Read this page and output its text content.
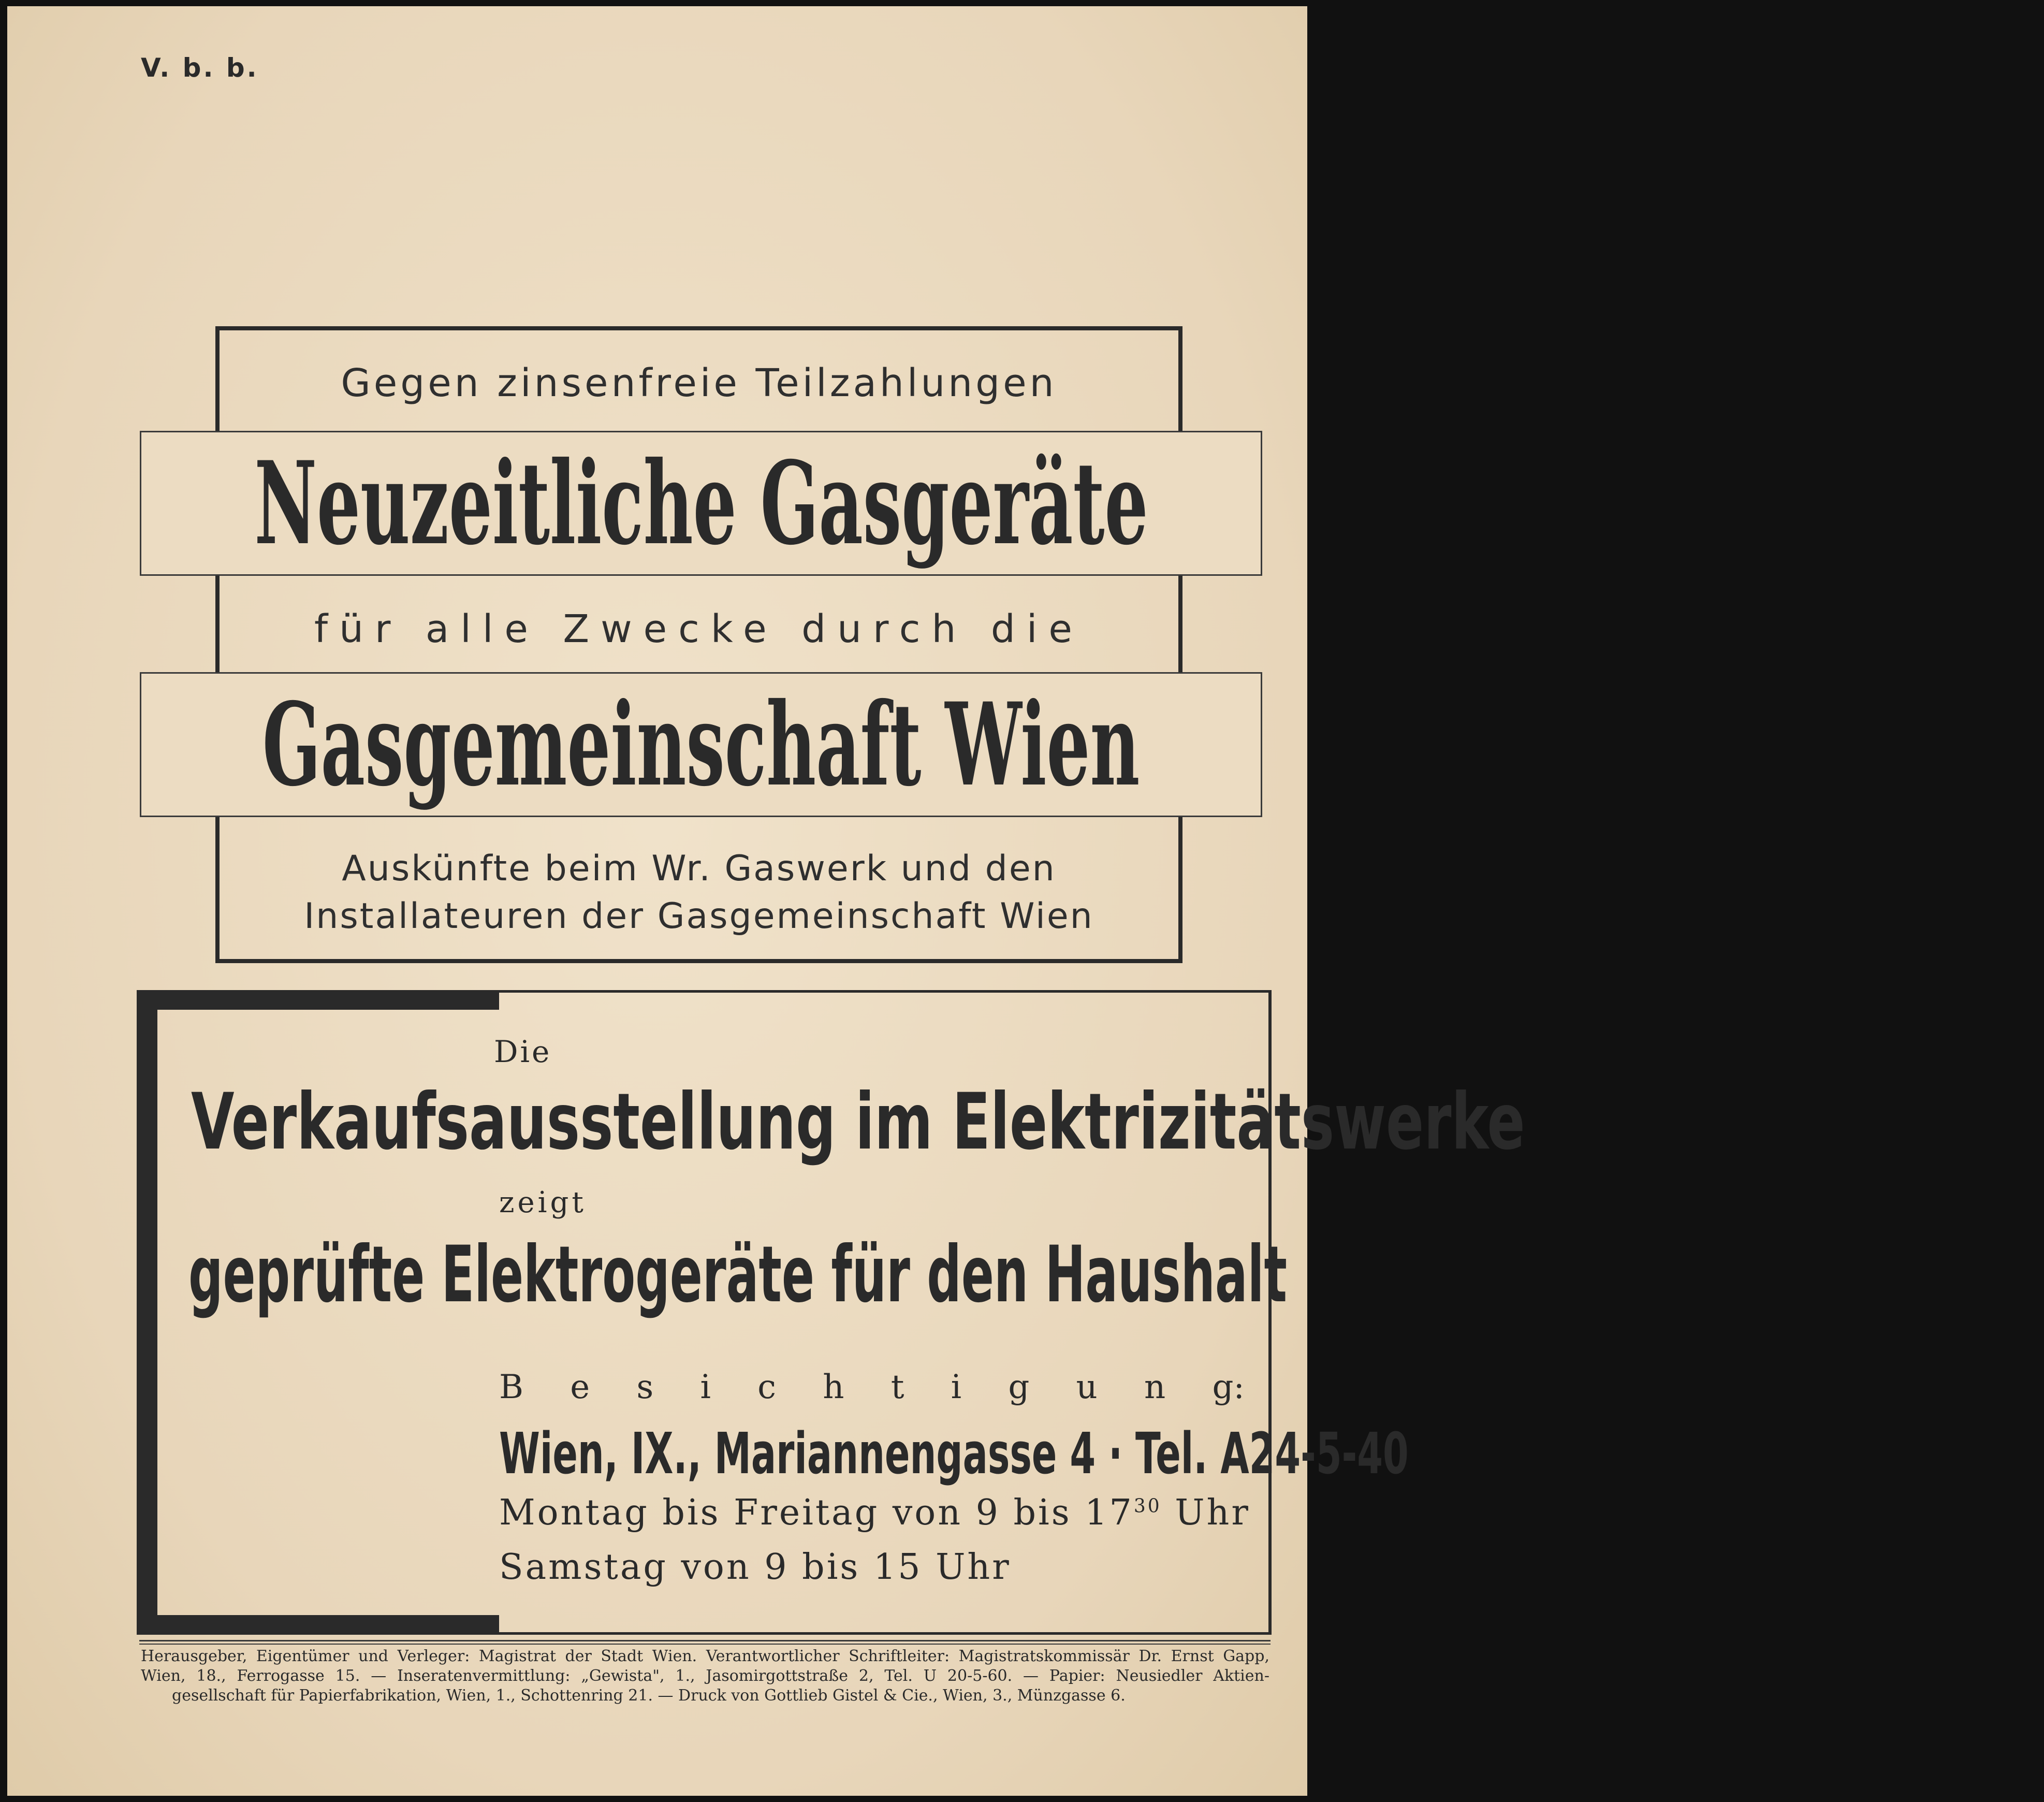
V. b. b.
Gegen zinsenfreie Teilzahlungen
Neuzeitliche Gasgeräte
für alle Zwecke durch die
Gasgemeinschaft Wien
Auskünfte beim Wr. Gaswerk und den
Installateuren der Gasgemeinschaft Wien
Die
Verkaufsausstellung im Elektrizitätswerke
zeigt
geprüfte Elektrogeräte für den Haushalt
B e s i c h t i g u n g:
Wien, IX., Mariannengasse 4 · Tel. A24-5-40
Montag bis Freitag von 9 bis $17^{30}$ Uhr
Samstag von 9 bis 15 Uhr
Herausgeber, Eigentümer und Verleger: Magistrat der Stadt Wien. Verantwortlicher Schriftleiter: Magistratskommissär Dr. Ernst Gapp,
Wien, 18., Ferrogasse 15. — Inseratenvermittlung: „Gewista", 1., Jasomirgottstraße 2, Tel. U 20-5-60. — Papier: Neusiedler Aktien-
gesellschaft für Papierfabrikation, Wien, 1., Schottenring 21. — Druck von Gottlieb Gistel & Cie., Wien, 3., Münzgasse 6.
